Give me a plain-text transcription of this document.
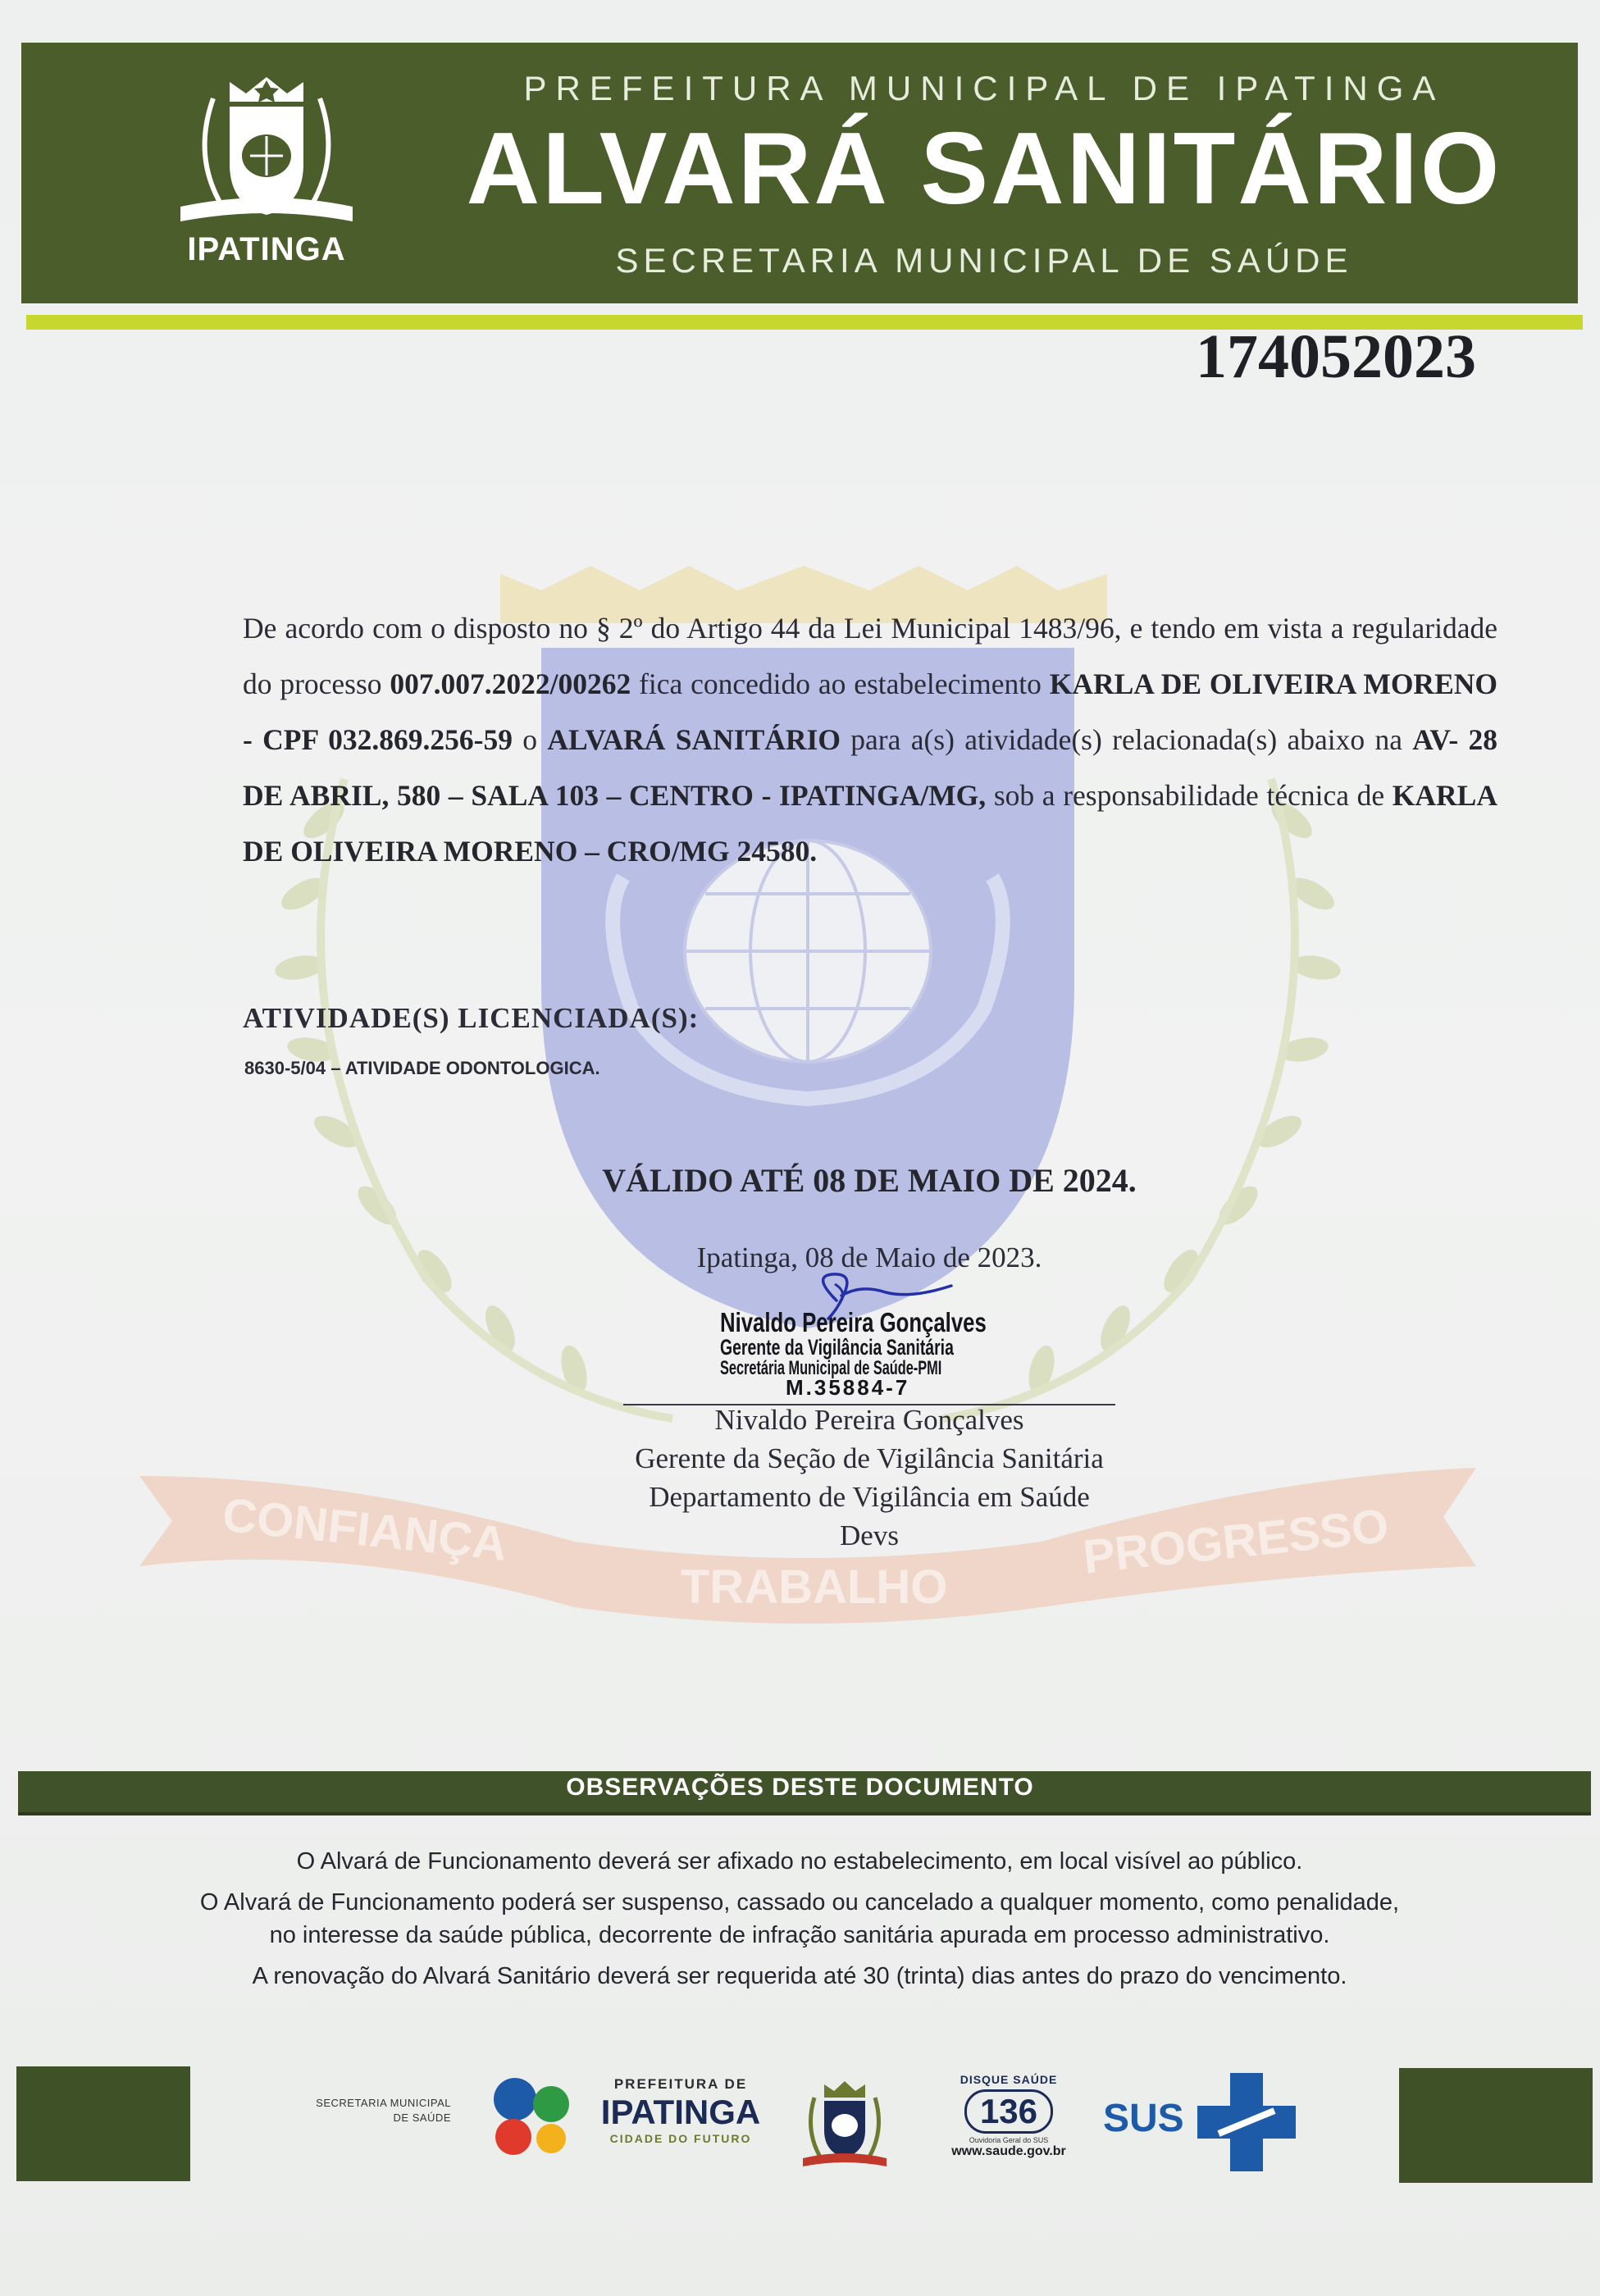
CONFIANÇA
TRABALHO
PROGRESSO
IPATINGA
PREFEITURA MUNICIPAL DE IPATINGA
ALVARÁ SANITÁRIO
SECRETARIA MUNICIPAL DE SAÚDE
174052023
De acordo com o disposto no § 2º do Artigo 44 da Lei Municipal 1483/96, e tendo em vista a regularidade do processo 007.007.2022/00262 fica concedido ao estabelecimento KARLA DE OLIVEIRA MORENO - CPF 032.869.256-59 o ALVARÁ SANITÁRIO para a(s) atividade(s) relacionada(s) abaixo na AV- 28 DE ABRIL, 580 – SALA 103 – CENTRO - IPATINGA/MG, sob a responsabilidade técnica de KARLA DE OLIVEIRA MORENO – CRO/MG 24580.
ATIVIDADE(S) LICENCIADA(S):
8630-5/04 – ATIVIDADE ODONTOLOGICA.
VÁLIDO ATÉ 08 DE MAIO DE 2024.
Ipatinga, 08 de Maio de 2023.
Nivaldo Pereira Gonçalves
Gerente da Vigilância Sanitária
Secretária Municipal de Saúde-PMI
M.35884-7
Nivaldo Pereira Gonçalves
Gerente da Seção de Vigilância Sanitária
Departamento de Vigilância em Saúde
Devs
OBSERVAÇÕES DESTE DOCUMENTO
O Alvará de Funcionamento deverá ser afixado no estabelecimento, em local visível ao público.
O Alvará de Funcionamento poderá ser suspenso, cassado ou cancelado a qualquer momento, como penalidade,
no interesse da saúde pública, decorrente de infração sanitária apurada em processo administrativo.
A renovação do Alvará Sanitário deverá ser requerida até 30 (trinta) dias antes do prazo do vencimento.
SECRETARIA MUNICIPAL
DE SAÚDE
PREFEITURA DE
IPATINGA
CIDADE DO FUTURO
DISQUE SAÚDE
136
Ouvidoria Geral do SUS
www.saude.gov.br
SUS
